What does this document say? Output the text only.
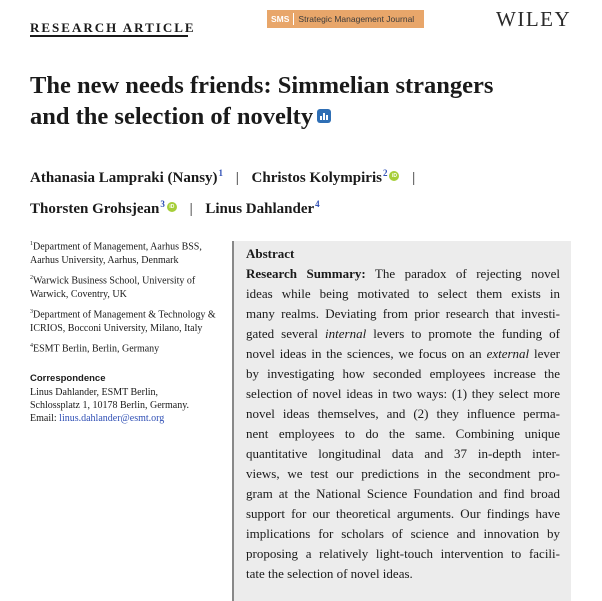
RESEARCH ARTICLE
SMS	Strategic Management Journal	WILEY
The new needs friends: Simmelian strangers
and the selection of novelty
Athanasia Lampraki (Nansy)$^1$ | Christos Kolympiris$^2$ iD |
Thorsten Grohsjean$^3$ iD | Linus Dahlander$^4$
$^1$Department of Management, Aarhus BSS, Aarhus University, Aarhus, Denmark
$^2$Warwick Business School, University of Warwick, Coventry, UK
$^3$Department of Management & Technology & ICRIOS, Bocconi University, Milano, Italy
$^4$ESMT Berlin, Berlin, Germany
Correspondence
Linus Dahlander, ESMT Berlin,
Schlossplatz 1, 10178 Berlin, Germany.
Email: linus.dahlander@esmt.org
Abstract
Research Summary: The paradox of rejecting novel
ideas while being motivated to select them exists in
many realms. Deviating from prior research that investi-
gated several internal levers to promote the funding of
novel ideas in the sciences, we focus on an external lever
by investigating how seconded employees increase the
selection of novel ideas in two ways: (1) they select more
novel ideas themselves, and (2) they influence perma-
nent employees to do the same. Combining unique
quantitative longitudinal data and 37 in-depth inter-
views, we test our predictions in the secondment pro-
gram at the National Science Foundation and find broad
support for our theoretical arguments. Our findings have
implications for scholars of science and innovation by
proposing a relatively light-touch intervention to facili-
tate the selection of novel ideas.
